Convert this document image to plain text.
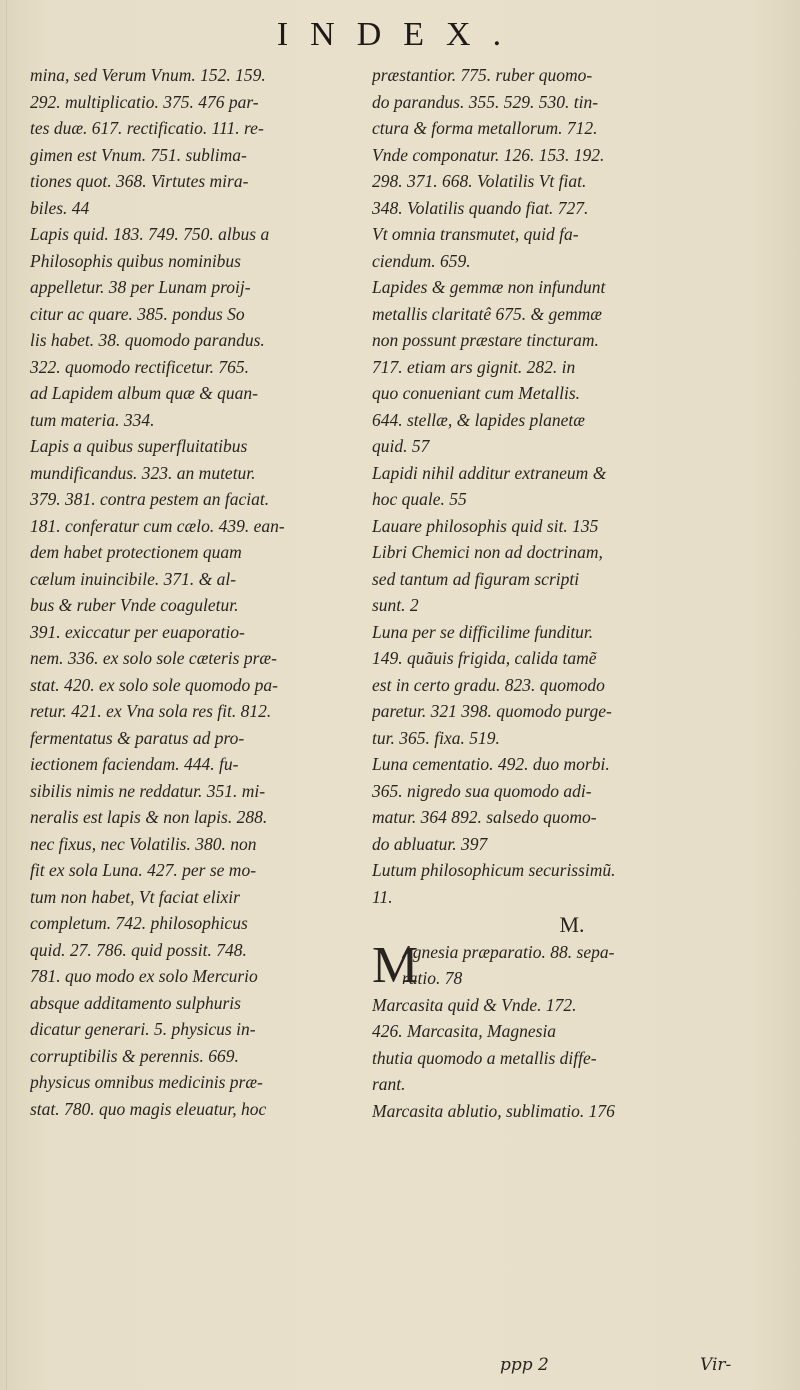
INDEX.
mina, sed Verum Vnum. 152. 159.
292. multiplicatio. 375. 476 par-
tes duæ. 617. rectificatio. 111. re-
gimen est Vnum. 751. sublima-
tiones quot. 368. Virtutes mira-
biles. 44
Lapis quid. 183. 749. 750. albus a
Philosophis quibus nominibus
appelletur. 38 per Lunam proij-
citur ac quare. 385. pondus So
lis habet. 38. quomodo parandus.
322. quomodo rectificetur. 765.
ad Lapidem album quæ & quan-
tum materia. 334.
Lapis a quibus superfluitatibus
mundificandus. 323. an mutetur.
379. 381. contra pestem an faciat.
181. conferatur cum cælo. 439. ean-
dem habet protectionem quam
cælum inuincibile. 371. & al-
bus & ruber Vnde coaguletur.
391. exiccatur per euaporatio-
nem. 336. ex solo sole cæteris præ-
stat. 420. ex solo sole quomodo pa-
retur. 421. ex Vna sola res fit. 812.
fermentatus & paratus ad pro-
iectionem faciendam. 444. fu-
sibilis nimis ne reddatur. 351. mi-
neralis est lapis & non lapis. 288.
nec fixus, nec Volatilis. 380. non
fit ex sola Luna. 427. per se mo-
tum non habet, Vt faciat elixir
completum. 742. philosophicus
quid. 27. 786. quid possit. 748.
781. quo modo ex solo Mercurio
absque additamento sulphuris
dicatur generari. 5. physicus in-
corruptibilis & perennis. 669.
physicus omnibus medicinis præ-
stat. 780. quo magis eleuatur, hoc
præstantior. 775. ruber quomo-
do parandus. 355. 529. 530. tin-
ctura & forma metallorum. 712.
Vnde componatur. 126. 153. 192.
298. 371. 668. Volatilis Vt fiat.
348. Volatilis quando fiat. 727.
Vt omnia transmutet, quid fa-
ciendum. 659.
Lapides & gemmæ non infundunt
metallis claritatê 675. & gemmæ
non possunt præstare tincturam.
717. etiam ars gignit. 282. in
quo conueniant cum Metallis.
644. stellæ, & lapides planetæ
quid. 57
Lapidi nihil additur extraneum &
hoc quale. 55
Lauare philosophis quid sit. 135
Libri Chemici non ad doctrinam,
sed tantum ad figuram scripti
sunt. 2
Luna per se difficilime funditur.
149. quãuis frigida, calida tamẽ
est in certo gradu. 823. quomodo
paretur. 321 398. quomodo purge-
tur. 365. fixa. 519.
Luna cementatio. 492. duo morbi.
365. nigredo sua quomodo adi-
matur. 364 892. salsedo quomo-
do abluatur. 397
Lutum philosophicum securissimũ.
11.
M.
M
Agnesia præparatio. 88. sepa-
ratio. 78
Marcasita quid & Vnde. 172.
426. Marcasita, Magnesia
thutia quomodo a metallis diffe-
rant.
Marcasita ablutio, sublimatio. 176
ppp 2	Vir-
